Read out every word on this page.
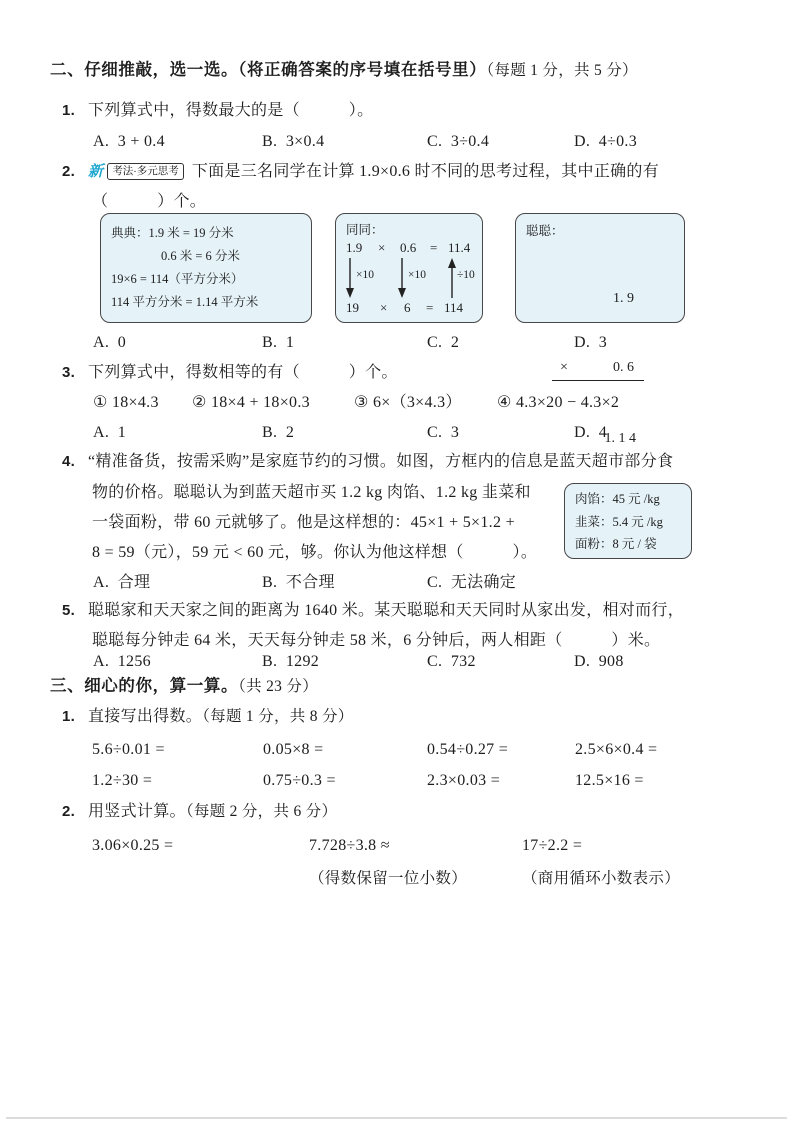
二、仔细推敲，选一选。（将正确答案的序号填在括号里）（每题 1 分，共 5 分）
1. 下列算式中，得数最大的是（　　　）。
A.  3 + 0.4	B.  3×0.4	C.  3÷0.4	D.  4÷0.3
2. 新 考法·多元思考 下面是三名同学在计算 1.9×0.6 时不同的思考过程，其中正确的有
（　　　）个。
典典：1.9 米 = 19 分米
0.6 米 = 6 分米
19×6 = 114（平方分米）
114 平方分米 = 1.14 平方米
同同：
1.9 × 0.6 = 11.4
×10	×10	÷10
19 × 6 = 114
聪聪：

1. 9

×	0. 6

1. 1 4

A.  0	B.  1	C.  2	D.  3
3. 下列算式中，得数相等的有（　　　）个。
① 18×4.3 ② 18×4 + 18×0.3	③ 6×（3×4.3） ④ 4.3×20 − 4.3×2
A.  1	B.  2	C.  3	D.  4
4. “精准备货，按需采购”是家庭节约的习惯。如图，方框内的信息是蓝天超市部分食
物的价格。聪聪认为到蓝天超市买 1.2 kg 肉馅、1.2 kg 韭菜和
一袋面粉，带 60 元就够了。他是这样想的：45×1 + 5×1.2 +
8 = 59（元），59 元 < 60 元，够。你认为他这样想（　　　）。
肉馅：45 元 /kg
韭菜：5.4 元 /kg
面粉：8 元 / 袋
A.  合理	B.  不合理	C.  无法确定
5. 聪聪家和天天家之间的距离为 1640 米。某天聪聪和天天同时从家出发，相对而行，
聪聪每分钟走 64 米，天天每分钟走 58 米，6 分钟后，两人相距（　　　）米。
A.  1256	B.  1292	C.  732	D.  908
三、细心的你，算一算。（共 23 分）
1. 直接写出得数。（每题 1 分，共 8 分）
5.6÷0.01 =	0.05×8 =	0.54÷0.27 =	2.5×6×0.4 =
1.2÷30 =	0.75÷0.3 =	2.3×0.03 =	12.5×16 =
2. 用竖式计算。（每题 2 分，共 6 分）
3.06×0.25 =	7.728÷3.8 ≈	17÷2.2 =
（得数保留一位小数）	（商用循环小数表示）
